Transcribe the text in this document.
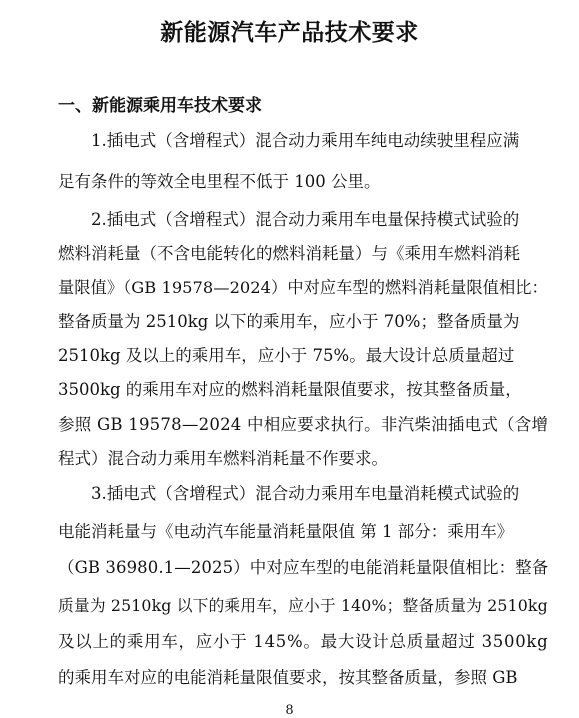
新能源汽车产品技术要求
一、新能源乘用车技术要求
1.插电式（含增程式）混合动力乘用车纯电动续驶里程应满
足有条件的等效全电里程不低于 100 公里。
2.插电式（含增程式）混合动力乘用车电量保持模式试验的
燃料消耗量（不含电能转化的燃料消耗量）与《乘用车燃料消耗
量限值》（GB 19578—2024）中对应车型的燃料消耗量限值相比：
整备质量为 2510kg 以下的乘用车，应小于 70%；整备质量为
2510kg 及以上的乘用车，应小于 75%。最大设计总质量超过
3500kg 的乘用车对应的燃料消耗量限值要求，按其整备质量，
参照 GB 19578—2024 中相应要求执行。非汽柴油插电式（含增
程式）混合动力乘用车燃料消耗量不作要求。
3.插电式（含增程式）混合动力乘用车电量消耗模式试验的
电能消耗量与《电动汽车能量消耗量限值 第 1 部分：乘用车》
（GB 36980.1—2025）中对应车型的电能消耗量限值相比：整备
质量为 2510kg 以下的乘用车，应小于 140%；整备质量为 2510kg
及以上的乘用车，应小于 145%。最大设计总质量超过 3500kg
的乘用车对应的电能消耗量限值要求，按其整备质量，参照 GB
8
